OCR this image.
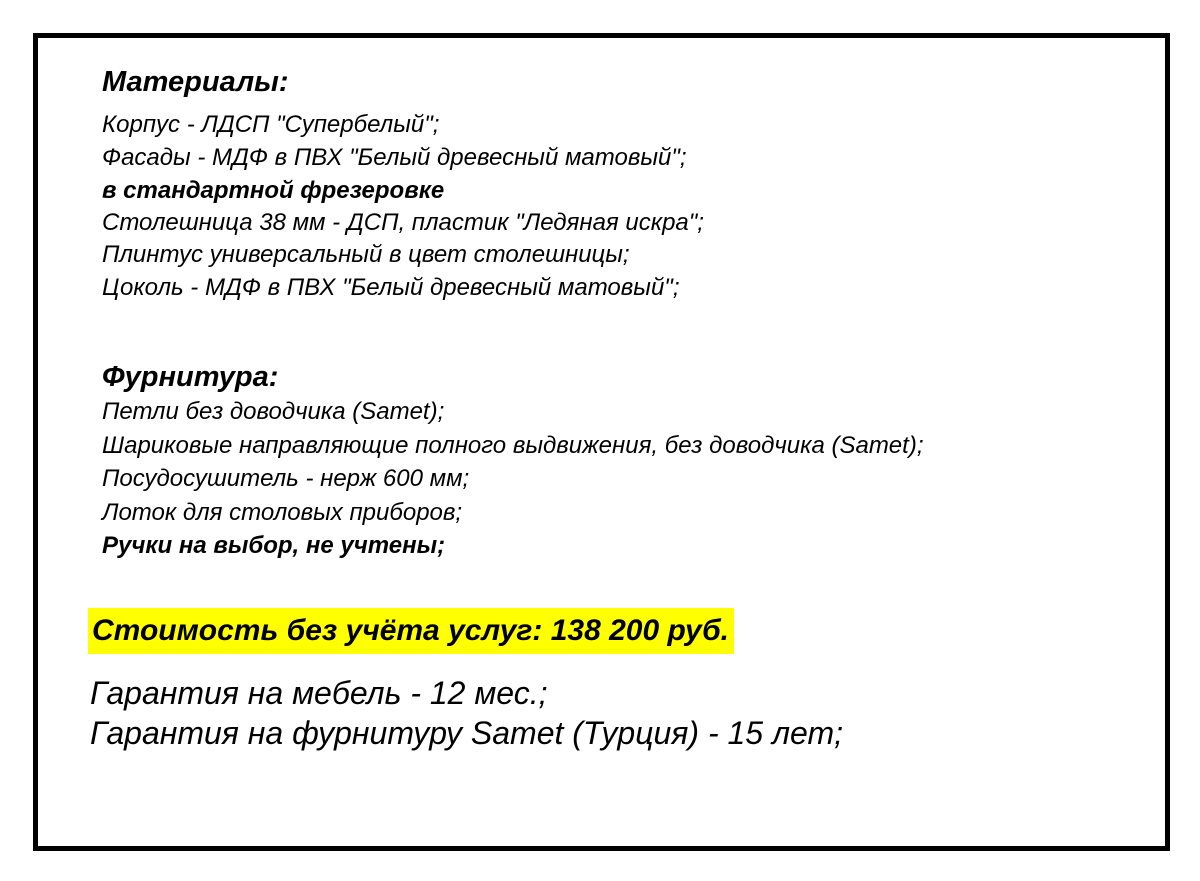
Материалы:
Корпус - ЛДСП "Супербелый";
Фасады - МДФ в ПВХ "Белый древесный матовый";
в стандартной фрезеровке
Столешница 38 мм - ДСП, пластик "Ледяная искра";
Плинтус универсальный в цвет столешницы;
Цоколь - МДФ в ПВХ "Белый древесный матовый";
Фурнитура:
Петли без доводчика (Samet);
Шариковые направляющие полного выдвижения, без доводчика (Samet);
Посудосушитель - нерж 600 мм;
Лоток для столовых приборов;
Ручки на выбор, не учтены;
Стоимость без учёта услуг: 138 200 руб.
Гарантия на мебель - 12 мес.;
Гарантия на фурнитуру Samet (Турция) - 15 лет;
